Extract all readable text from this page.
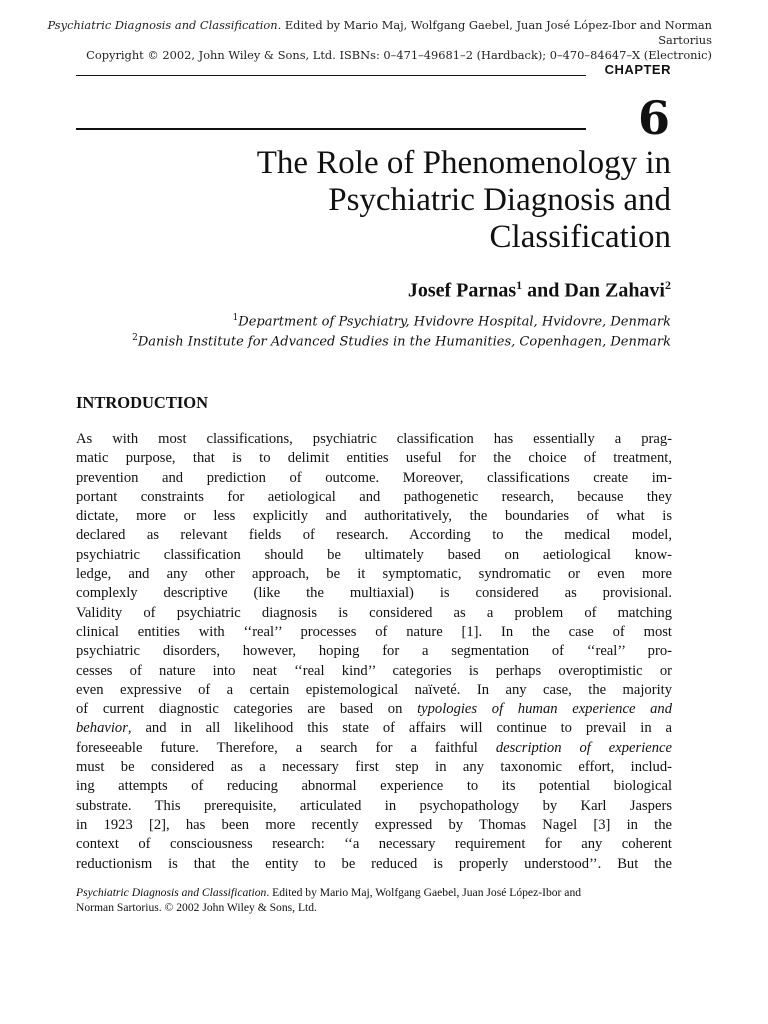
Psychiatric Diagnosis and Classification. Edited by Mario Maj, Wolfgang Gaebel, Juan José López-Ibor and Norman Sartorius
Copyright © 2002, John Wiley & Sons, Ltd. ISBNs: 0–471–49681–2 (Hardback); 0–470–84647–X (Electronic)
CHAPTER
6
The Role of Phenomenology in
Psychiatric Diagnosis and
Classification
Josef Parnas$^1$ and Dan Zahavi$^2$
$^1$Department of Psychiatry, Hvidovre Hospital, Hvidovre, Denmark
$^2$Danish Institute for Advanced Studies in the Humanities, Copenhagen, Denmark
INTRODUCTION
As with most classifications, psychiatric classification has essentially a prag-
matic purpose, that is to delimit entities useful for the choice of treatment,
prevention and prediction of outcome. Moreover, classifications create im-
portant constraints for aetiological and pathogenetic research, because they
dictate, more or less explicitly and authoritatively, the boundaries of what is
declared as relevant fields of research. According to the medical model,
psychiatric classification should be ultimately based on aetiological know-
ledge, and any other approach, be it symptomatic, syndromatic or even more
complexly descriptive (like the multiaxial) is considered as provisional.
Validity of psychiatric diagnosis is considered as a problem of matching
clinical entities with ‘‘real’’ processes of nature [1]. In the case of most
psychiatric disorders, however, hoping for a segmentation of ‘‘real’’ pro-
cesses of nature into neat ‘‘real kind’’ categories is perhaps overoptimistic or
even expressive of a certain epistemological naïveté. In any case, the majority
of current diagnostic categories are based on typologies of human experience and
behavior, and in all likelihood this state of affairs will continue to prevail in a
foreseeable future. Therefore, a search for a faithful description of experience
must be considered as a necessary first step in any taxonomic effort, includ-
ing attempts of reducing abnormal experience to its potential biological
substrate. This prerequisite, articulated in psychopathology by Karl Jaspers
in 1923 [2], has been more recently expressed by Thomas Nagel [3] in the
context of consciousness research: ‘‘a necessary requirement for any coherent
reductionism is that the entity to be reduced is properly understood’’. But the
Psychiatric Diagnosis and Classification. Edited by Mario Maj, Wolfgang Gaebel, Juan José López-Ibor and
Norman Sartorius. © 2002 John Wiley & Sons, Ltd.
